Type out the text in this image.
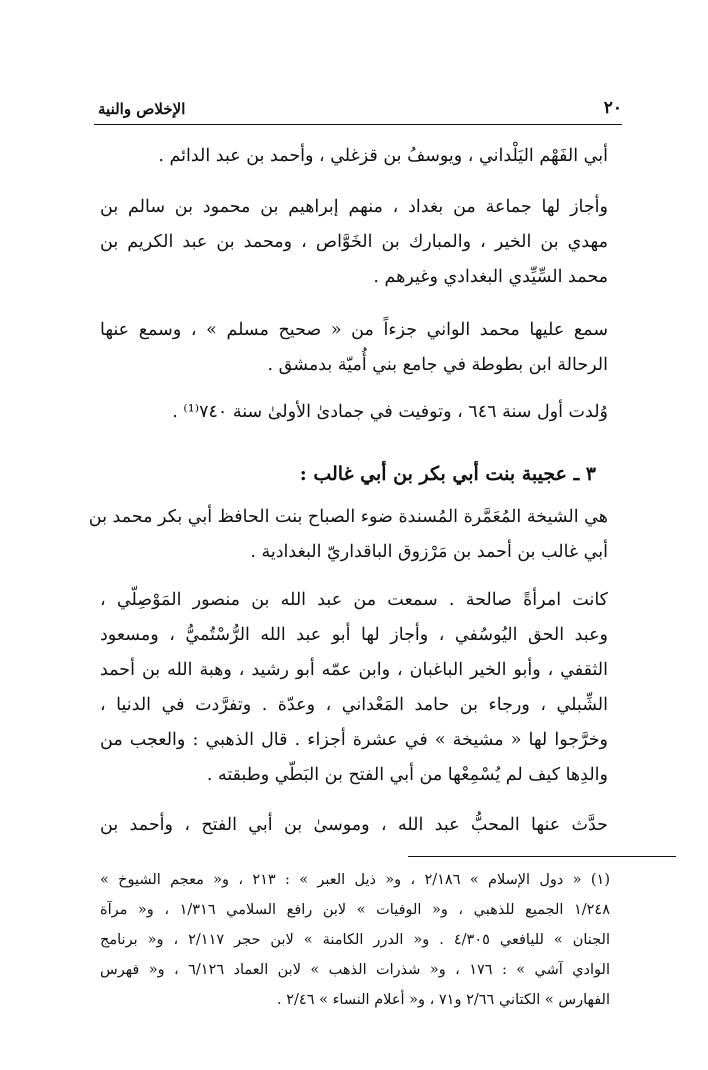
٢٠
الإخلاص والنية
أبي الفَهْم اليَلْداني ، ويوسفُ بن قزغلي ، وأحمد بن عبد الدائم .
وأجاز لها جماعة من بغداد ، منهم إبراهيم بن محمود بن سالم بن
مهدي بن الخير ، والمبارك بن الخَوَّاص ، ومحمد بن عبد الكريم بن
محمد السِّيِّدي البغدادي وغيرهم .
سمع عليها محمد الواني جزءاً من « صحيح مسلم » ، وسمع عنها
الرحالة ابن بطوطة في جامع بني أُميّة بدمشق .
وُلدت أول سنة ٦٤٦ ، وتوفيت في جمادىٰ الأولىٰ سنة ٧٤٠⁽¹⁾ .
٣ ـ عجيبة بنت أبي بكر بن أبي غالب :
هي الشيخة المُعَمَّرة المُسندة ضوء الصباح بنت الحافظ أبي بكر محمد بن
أبي غالب بن أحمد بن مَرْزوق الباقداريّ البغدادية .
كانت امرأةً صالحة . سمعت من عبد الله بن منصور المَوْصِلّي ،
وعبد الحق اليُوسُفي ، وأجاز لها أبو عبد الله الرُّسْتُميُّ ، ومسعود
الثقفي ، وأبو الخير الباغبان ، وابن عمّه أبو رشيد ، وهبة الله بن أحمد
الشِّبلي ، ورجاء بن حامد المَعْداني ، وعدّة . وتفرَّدت في الدنيا ،
وخرَّجوا لها « مشيخة » في عشرة أجزاء . قال الذهبي : والعجب من
والدِها كيف لم يُسْمِعْها من أبي الفتح بن البَطّي وطبقته .
حدَّث عنها المحبُّ عبد الله ، وموسىٰ بن أبي الفتح ، وأحمد بن
(١) « دول الإسلام » ٢/١٨٦ ، و« ذيل العبر » : ٢١٣ ، و« معجم الشيوخ »
١/٢٤٨ الجميع للذهبي ، و« الوفيات » لابن رافع السلامي ١/٣١٦ ، و« مرآة
الجنان » لليافعي ٤/٣٠٥ . و« الدرر الكامنة » لابن حجر ٢/١١٧ ، و« برنامج
الوادي آشي » : ١٧٦ ، و« شذرات الذهب » لابن العماد ٦/١٢٦ ، و« فهرس
الفهارس » الكتاني ٢/٦٦ و٧١ ، و« أعلام النساء » ٢/٤٦ .
